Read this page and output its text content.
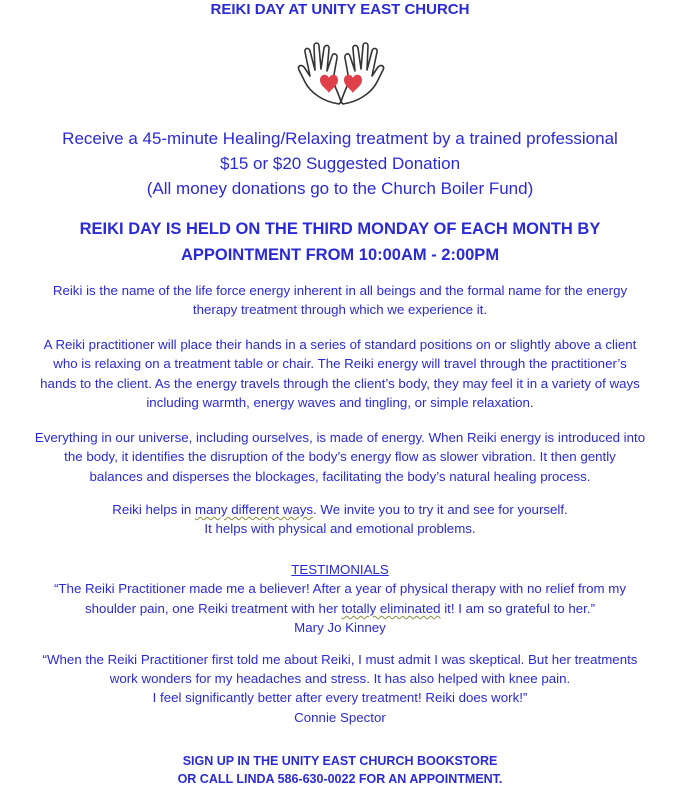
REIKI DAY AT UNITY EAST CHURCH
Receive a 45-minute Healing/Relaxing treatment by a trained professional
$15 or $20 Suggested Donation
(All money donations go to the Church Boiler Fund)
REIKI DAY IS HELD ON THE THIRD MONDAY OF EACH MONTH BY
APPOINTMENT FROM 10:00AM - 2:00PM
Reiki is the name of the life force energy inherent in all beings and the formal name for the energy
therapy treatment through which we experience it.
A Reiki practitioner will place their hands in a series of standard positions on or slightly above a client
who is relaxing on a treatment table or chair. The Reiki energy will travel through the practitioner’s
hands to the client. As the energy travels through the client’s body, they may feel it in a variety of ways
including warmth, energy waves and tingling, or simple relaxation.
Everything in our universe, including ourselves, is made of energy. When Reiki energy is introduced into
the body, it identifies the disruption of the body’s energy flow as slower vibration. It then gently
balances and disperses the blockages, facilitating the body’s natural healing process.
Reiki helps in many different ways. We invite you to try it and see for yourself.
It helps with physical and emotional problems.
TESTIMONIALS
“The Reiki Practitioner made me a believer! After a year of physical therapy with no relief from my
shoulder pain, one Reiki treatment with her totally eliminated it! I am so grateful to her.”
Mary Jo Kinney
“When the Reiki Practitioner first told me about Reiki, I must admit I was skeptical. But her treatments
work wonders for my headaches and stress. It has also helped with knee pain.
I feel significantly better after every treatment! Reiki does work!”
Connie Spector
SIGN UP IN THE UNITY EAST CHURCH BOOKSTORE
OR CALL LINDA 586-630-0022 FOR AN APPOINTMENT.
